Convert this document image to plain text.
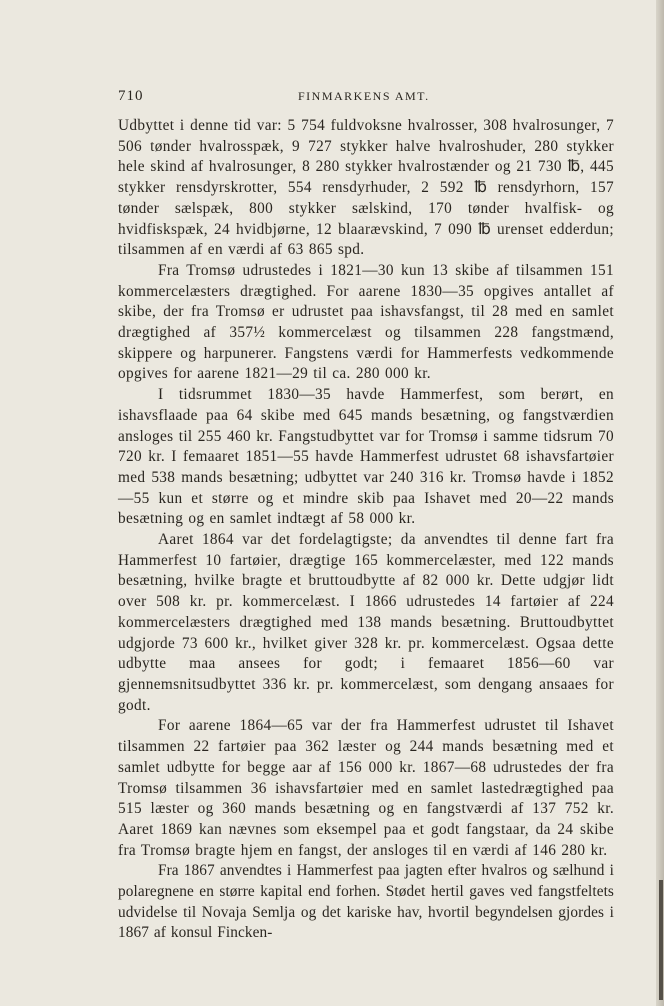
710	FINMARKENS AMT.

Udbyttet i denne tid var: 5 754 fuldvoksne hvalrosser, 308 hvalrosunger, 7 506 tønder hvalrosspæk, 9 727 stykker halve hvalroshuder, 280 stykker hele skind af hvalrosunger, 8 280 stykker hvalrostænder og 21 730 ℔, 445 stykker rensdyrskrotter, 554 rensdyrhuder, 2 592 ℔ rensdyrhorn, 157 tønder sælspæk, 800 stykker sælskind, 170 tønder hvalfisk- og hvidfiskspæk, 24 hvidbjørne, 12 blaarævskind, 7 090 ℔ urenset edderdun; tilsammen af en værdi af 63 865 spd.

Fra Tromsø udrustedes i 1821—30 kun 13 skibe af tilsammen 151 kommercelæsters drægtighed. For aarene 1830—35 opgives antallet af skibe, der fra Tromsø er udrustet paa ishavsfangst, til 28 med en samlet drægtighed af 357½ kommercelæst og tilsammen 228 fangstmænd, skippere og harpunerer. Fangstens værdi for Hammerfests vedkommende opgives for aarene 1821—29 til ca. 280 000 kr.

I tidsrummet 1830—35 havde Hammerfest, som berørt, en ishavsflaade paa 64 skibe med 645 mands besætning, og fangstværdien ansloges til 255 460 kr. Fangstudbyttet var for Tromsø i samme tidsrum 70 720 kr. I femaaret 1851—55 havde Hammerfest udrustet 68 ishavsfartøier med 538 mands besætning; udbyttet var 240 316 kr. Tromsø havde i 1852—55 kun et større og et mindre skib paa Ishavet med 20—22 mands besætning og en samlet indtægt af 58 000 kr.

Aaret 1864 var det fordelagtigste; da anvendtes til denne fart fra Hammerfest 10 fartøier, drægtige 165 kommercelæster, med 122 mands besætning, hvilke bragte et bruttoudbytte af 82 000 kr. Dette udgjør lidt over 508 kr. pr. kommercelæst. I 1866 udrustedes 14 fartøier af 224 kommercelæsters drægtighed med 138 mands besætning. Bruttoudbyttet udgjorde 73 600 kr., hvilket giver 328 kr. pr. kommercelæst. Ogsaa dette udbytte maa ansees for godt; i femaaret 1856—60 var gjennemsnitsudbyttet 336 kr. pr. kommercelæst, som dengang ansaaes for godt.

For aarene 1864—65 var der fra Hammerfest udrustet til Ishavet tilsammen 22 fartøier paa 362 læster og 244 mands besætning med et samlet udbytte for begge aar af 156 000 kr. 1867—68 udrustedes der fra Tromsø tilsammen 36 ishavsfartøier med en samlet lastedrægtighed paa 515 læster og 360 mands besætning og en fangstværdi af 137 752 kr. Aaret 1869 kan nævnes som eksempel paa et godt fangstaar, da 24 skibe fra Tromsø bragte hjem en fangst, der ansloges til en værdi af 146 280 kr.

Fra 1867 anvendtes i Hammerfest paa jagten efter hvalros og sælhund i polaregnene en større kapital end forhen. Stødet hertil gaves ved fangstfeltets udvidelse til Novaja Semlja og det kariske hav, hvortil begyndelsen gjordes i 1867 af konsul Fincken-
